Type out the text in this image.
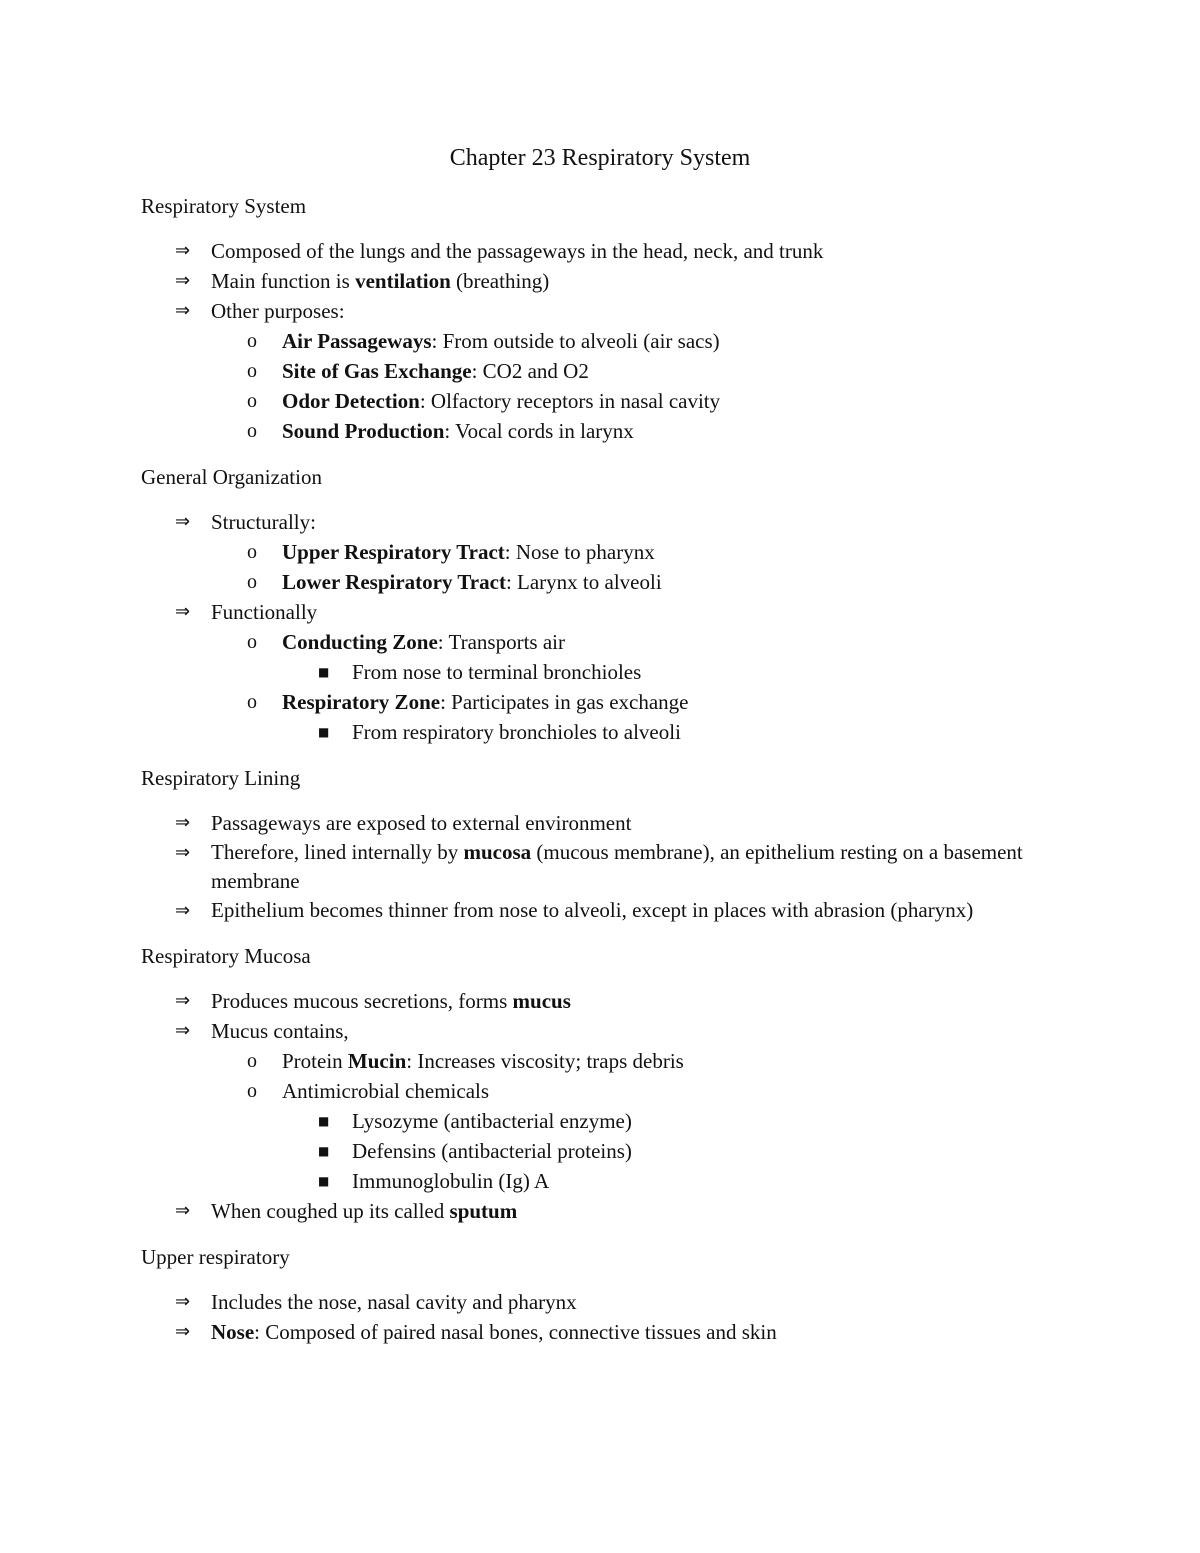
Chapter 23 Respiratory System
Respiratory System
⇒ Composed of the lungs and the passageways in the head, neck, and trunk
⇒ Main function is ventilation (breathing)
⇒ Other purposes:
o Air Passageways: From outside to alveoli (air sacs)
o Site of Gas Exchange: CO2 and O2
o Odor Detection: Olfactory receptors in nasal cavity
o Sound Production: Vocal cords in larynx
General Organization
⇒ Structurally:
o Upper Respiratory Tract: Nose to pharynx
o Lower Respiratory Tract: Larynx to alveoli
⇒ Functionally
o Conducting Zone: Transports air
■ From nose to terminal bronchioles
o Respiratory Zone: Participates in gas exchange
■ From respiratory bronchioles to alveoli
Respiratory Lining
⇒ Passageways are exposed to external environment
⇒ Therefore, lined internally by mucosa (mucous membrane), an epithelium resting on a basement membrane
⇒ Epithelium becomes thinner from nose to alveoli, except in places with abrasion (pharynx)
Respiratory Mucosa
⇒ Produces mucous secretions, forms mucus
⇒ Mucus contains,
o Protein Mucin: Increases viscosity; traps debris
o Antimicrobial chemicals
■ Lysozyme (antibacterial enzyme)
■ Defensins (antibacterial proteins)
■ Immunoglobulin (Ig) A
⇒ When coughed up its called sputum
Upper respiratory
⇒ Includes the nose, nasal cavity and pharynx
⇒ Nose: Composed of paired nasal bones, connective tissues and skin
